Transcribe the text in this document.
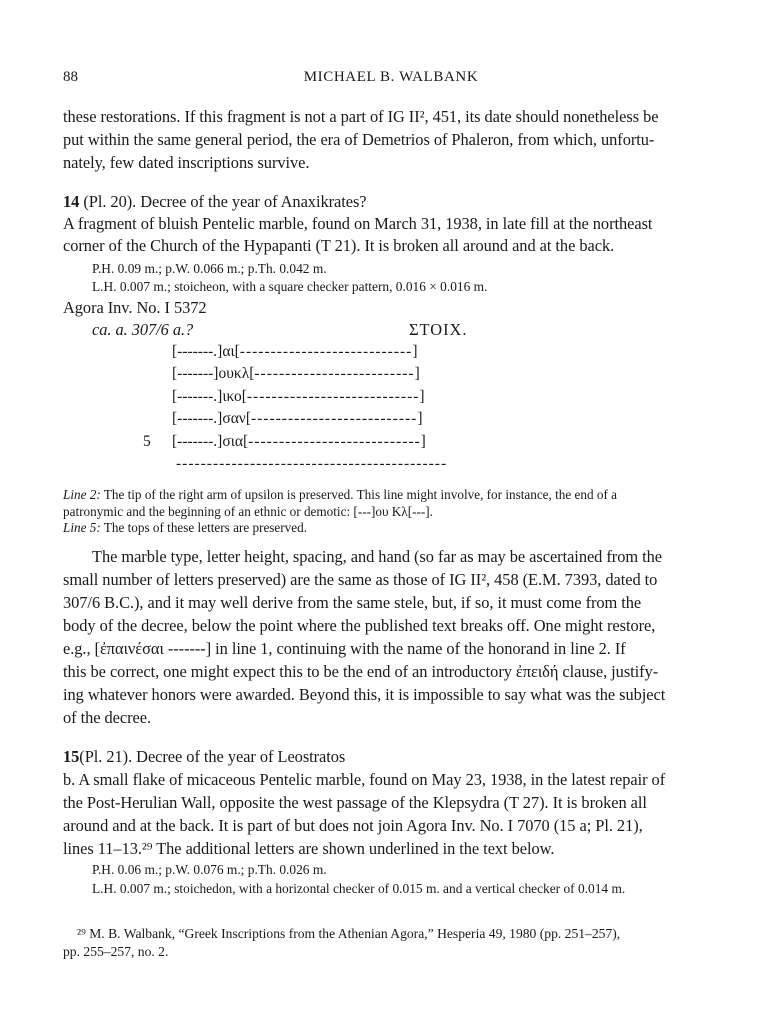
88	MICHAEL B. WALBANK
these restorations. If this fragment is not a part of IG II², 451, its date should nonetheless be
put within the same general period, the era of Demetrios of Phaleron, from which, unfortu-
nately, few dated inscriptions survive.
14 (Pl. 20). Decree of the year of Anaxikrates?
A fragment of bluish Pentelic marble, found on March 31, 1938, in late fill at the northeast
corner of the Church of the Hypapanti (T 21). It is broken all around and at the back.
P.H. 0.09 m.; p.W. 0.066 m.; p.Th. 0.042 m.
L.H. 0.007 m.; stoicheon, with a square checker pattern, 0.016 × 0.016 m.
Agora Inv. No. I 5372
ca. a. 307/6 a.?	ΣΤΟΙΧ.
5
[-------.]αι[----------------------------]
[-------]ουκλ[--------------------------]
[-------.]ικο[----------------------------]
[-------.]σαν[---------------------------]
[-------.]σια[----------------------------]
--------------------------------------------
Line 2: The tip of the right arm of upsilon is preserved. This line might involve, for instance, the end of a
patronymic and the beginning of an ethnic or demotic: [---]ου Κλ[---].
Line 5: The tops of these letters are preserved.
The marble type, letter height, spacing, and hand (so far as may be ascertained from the
small number of letters preserved) are the same as those of IG II², 458 (E.M. 7393, dated to
307/6 B.C.), and it may well derive from the same stele, but, if so, it must come from the
body of the decree, below the point where the published text breaks off. One might restore,
e.g., [ἐπαινέσαι -------] in line 1, continuing with the name of the honorand in line 2. If
this be correct, one might expect this to be the end of an introductory ἐπειδή clause, justify-
ing whatever honors were awarded. Beyond this, it is impossible to say what was the subject
of the decree.
15(Pl. 21). Decree of the year of Leostratos
b. A small flake of micaceous Pentelic marble, found on May 23, 1938, in the latest repair of
the Post-Herulian Wall, opposite the west passage of the Klepsydra (T 27). It is broken all
around and at the back. It is part of but does not join Agora Inv. No. I 7070 (15 a; Pl. 21),
lines 11–13.²⁹ The additional letters are shown underlined in the text below.
P.H. 0.06 m.; p.W. 0.076 m.; p.Th. 0.026 m.
L.H. 0.007 m.; stoichedon, with a horizontal checker of 0.015 m. and a vertical checker of 0.014 m.
²⁹ M. B. Walbank, “Greek Inscriptions from the Athenian Agora,” Hesperia 49, 1980 (pp. 251–257),
pp. 255–257, no. 2.
